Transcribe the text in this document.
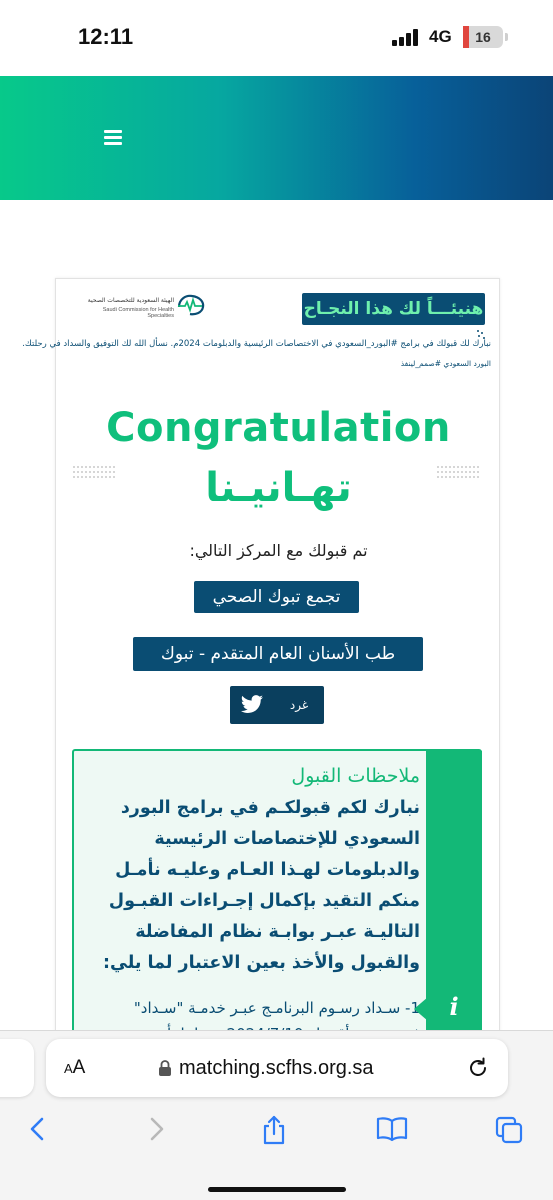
12:11	4G	16
هنيئـــاً لك هذا النجـاح
الهيئة السعودية للتخصصات الصحية
Saudi Commission for Health Specialties
نبارك لك قبولك في برامج #البورد_السعودي في الاختصاصات الرئيسية والدبلومات 2024م. نسأل الله لك التوفيق والسداد في رحلتك.
البورد السعودي #صمم_لينفذ
Congratulation
تهـانيـنا
تم قبولك مع المركز التالي:
تجمع تبوك الصحي
طب الأسنان العام المتقدم - تبوك
غرد
ملاحظات القبول
نبارك لكم قبولكـم في برامج البورد السعودي للإختصاصات الرئيسية والدبلومات لهـذا العـام وعليـه نأمـل منكم التقيد بإكمال إجـراءات القبـول التاليـة عبـر بوابـة نظام المفاضلة والقبول والأخذ بعين الاعتبار لما يلي:
1- سـداد رسـوم البرنامـج عبـر خدمـة "سـداد"	i
AA	matching.scfhs.org.sa
